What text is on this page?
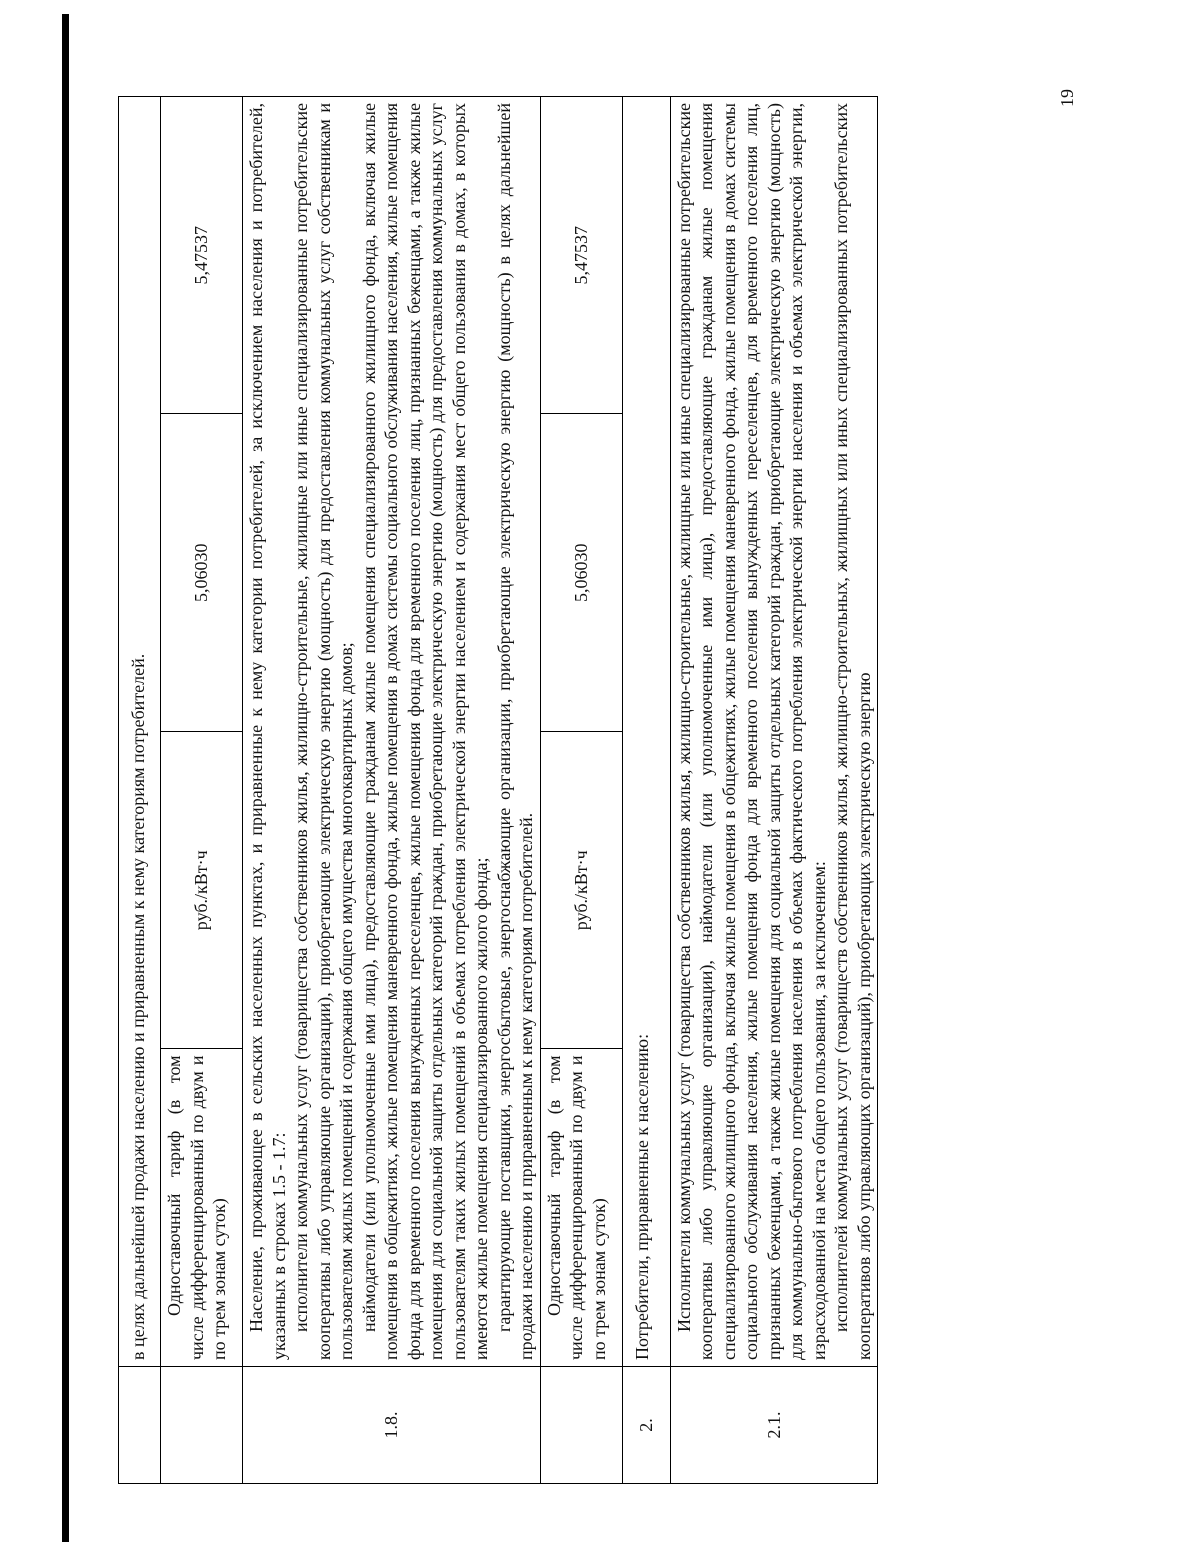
19
	в целях дальнейшей продажи населению и приравненным к нему категориям потребителей.			
	Одноставочный тариф (в том числе дифференцированный по двум и по трем зонам суток)	руб./кВт·ч	5,06030	5,47537
1.8.	Население, проживающее в сельских населенных пунктах, и приравненные к нему категории потребителей, за исключением населения и потребителей, указанных в строках 1.5 - 1.7: исполнители коммунальных услуг (товарищества собственников жилья, жилищно-строительные, жилищные или иные специализированные потребительские кооперативы либо управляющие организации), приобретающие электрическую энергию (мощность) для предоставления коммунальных услуг собственникам и пользователям жилых помещений и содержания общего имущества многоквартирных домов; наймодатели (или уполномоченные ими лица), предоставляющие гражданам жилые помещения специализированного жилищного фонда, включая жилые помещения в общежитиях, жилые помещения маневренного фонда, жилые помещения в домах системы социального обслуживания населения, жилые помещения фонда для временного поселения вынужденных переселенцев, жилые помещения фонда для временного поселения лиц, признанных беженцами, а также жилые помещения для социальной защиты отдельных категорий граждан, приобретающие электрическую энергию (мощность) для предоставления коммунальных услуг пользователям таких жилых помещений в объемах потребления электрической энергии населением и содержания мест общего пользования в домах, в которых имеются жилые помещения специализированного жилого фонда; гарантирующие поставщики, энергосбытовые, энергоснабжающие организации, приобретающие электрическую энергию (мощность) в целях дальнейшей продажи населению и приравненным к нему категориям потребителей.			

	Одноставочный тариф (в том числе дифференцированный по двум и по трем зонам суток)	руб./кВт·ч	5,06030	5,47537
2.	Потребители, приравненные к населению:			
2.1.	Исполнители коммунальных услуг (товарищества собственников жилья, жилищно-строительные, жилищные или иные специализированные потребительские кооперативы либо управляющие организации), наймодатели (или уполномоченные ими лица), предоставляющие гражданам жилые помещения специализированного жилищного фонда, включая жилые помещения в общежитиях, жилые помещения маневренного фонда, жилые помещения в домах системы социального обслуживания населения, жилые помещения фонда для временного поселения вынужденных переселенцев, для временного поселения лиц, признанных беженцами, а также жилые помещения для социальной защиты отдельных категорий граждан, приобретающие электрическую энергию (мощность) для коммунально-бытового потребления населения в объемах фактического потребления электрической энергии населения и объемах электрической энергии, израсходованной на места общего пользования, за исключением: исполнителей коммунальных услуг (товариществ собственников жилья, жилищно-строительных, жилищных или иных специализированных потребительских кооперативов либо управляющих организаций), приобретающих электрическую энергию			
